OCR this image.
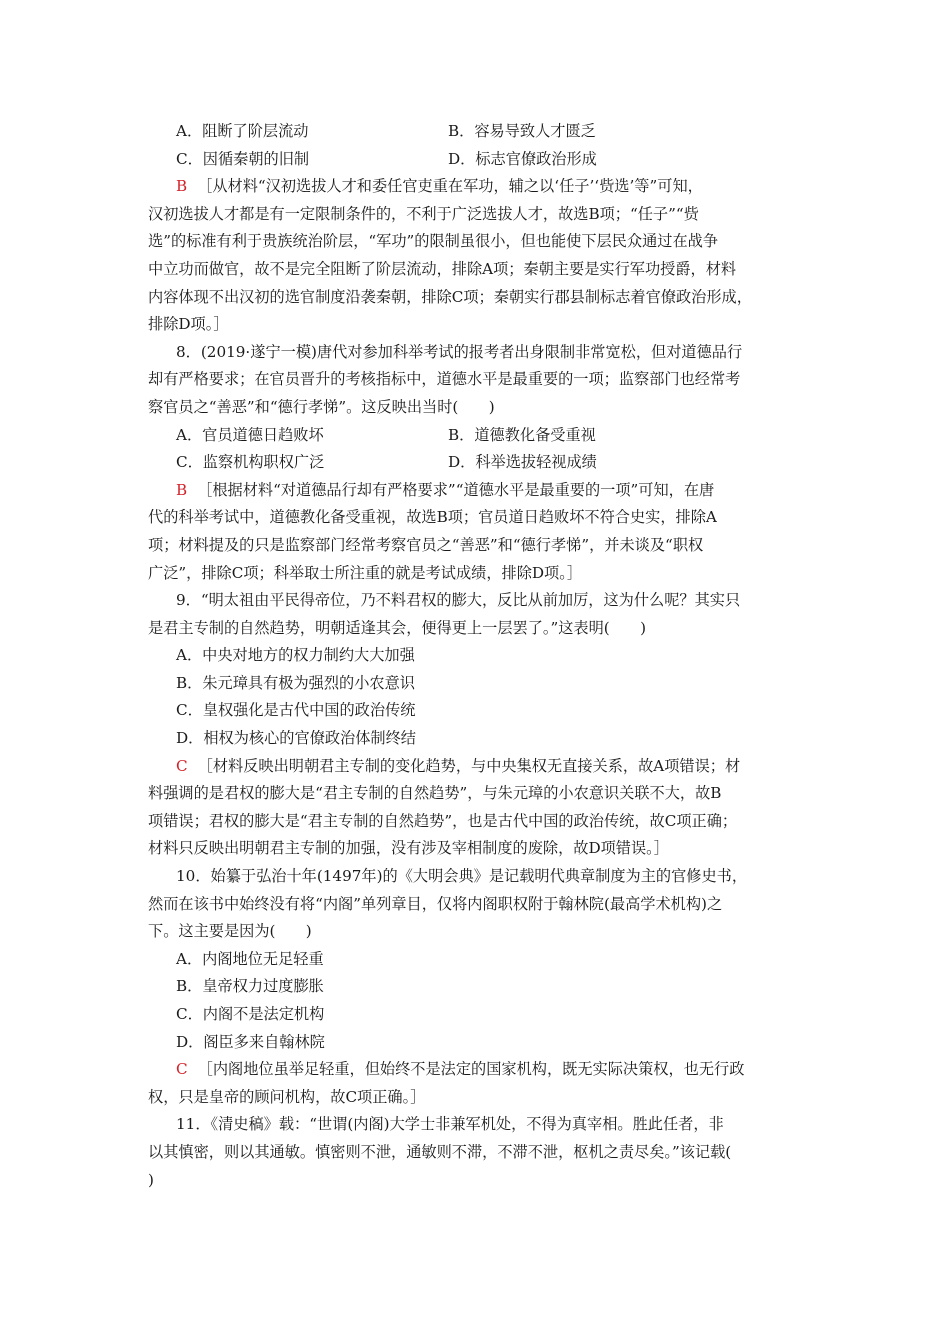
A．阻断了阶层流动	B．容易导致人才匮乏
C．因循秦朝的旧制	D．标志官僚政治形成
B ［从材料“汉初选拔人才和委任官吏重在军功，辅之以‘任子’‘赀选’等”可知，
汉初选拔人才都是有一定限制条件的，不利于广泛选拔人才，故选B项；“任子”“赀
选”的标准有利于贵族统治阶层，“军功”的限制虽很小，但也能使下层民众通过在战争
中立功而做官，故不是完全阻断了阶层流动，排除A项；秦朝主要是实行军功授爵，材料
内容体现不出汉初的选官制度沿袭秦朝，排除C项；秦朝实行郡县制标志着官僚政治形成，
排除D项。］
8．(2019·遂宁一模)唐代对参加科举考试的报考者出身限制非常宽松，但对道德品行
却有严格要求；在官员晋升的考核指标中，道德水平是最重要的一项；监察部门也经常考
察官员之“善恶”和“德行孝悌”。这反映出当时(　　)
A．官员道德日趋败坏	B．道德教化备受重视
C．监察机构职权广泛	D．科举选拔轻视成绩
B ［根据材料“对道德品行却有严格要求”“道德水平是最重要的一项”可知，在唐
代的科举考试中，道德教化备受重视，故选B项；官员道日趋败坏不符合史实，排除A
项；材料提及的只是监察部门经常考察官员之“善恶”和“德行孝悌”，并未谈及“职权
广泛”，排除C项；科举取士所注重的就是考试成绩，排除D项。］
9．“明太祖由平民得帝位，乃不料君权的膨大，反比从前加厉，这为什么呢？其实只
是君主专制的自然趋势，明朝适逢其会，便得更上一层罢了。”这表明(　　)
A．中央对地方的权力制约大大加强
B．朱元璋具有极为强烈的小农意识
C．皇权强化是古代中国的政治传统
D．相权为核心的官僚政治体制终结
C ［材料反映出明朝君主专制的变化趋势，与中央集权无直接关系，故A项错误；材
料强调的是君权的膨大是“君主专制的自然趋势”，与朱元璋的小农意识关联不大，故B
项错误；君权的膨大是“君主专制的自然趋势”，也是古代中国的政治传统，故C项正确；
材料只反映出明朝君主专制的加强，没有涉及宰相制度的废除，故D项错误。］
10．始纂于弘治十年(1497年)的《大明会典》是记载明代典章制度为主的官修史书，
然而在该书中始终没有将“内阁”单列章目，仅将内阁职权附于翰林院(最高学术机构)之
下。这主要是因为(　　)
A．内阁地位无足轻重
B．皇帝权力过度膨胀
C．内阁不是法定机构
D．阁臣多来自翰林院
C ［内阁地位虽举足轻重，但始终不是法定的国家机构，既无实际决策权，也无行政
权，只是皇帝的顾问机构，故C项正确。］
11．《清史稿》载：“世谓(内阁)大学士非兼军机处，不得为真宰相。胜此任者，非
以其慎密，则以其通敏。慎密则不泄，通敏则不滞，不滞不泄，枢机之责尽矣。”该记载(
)
